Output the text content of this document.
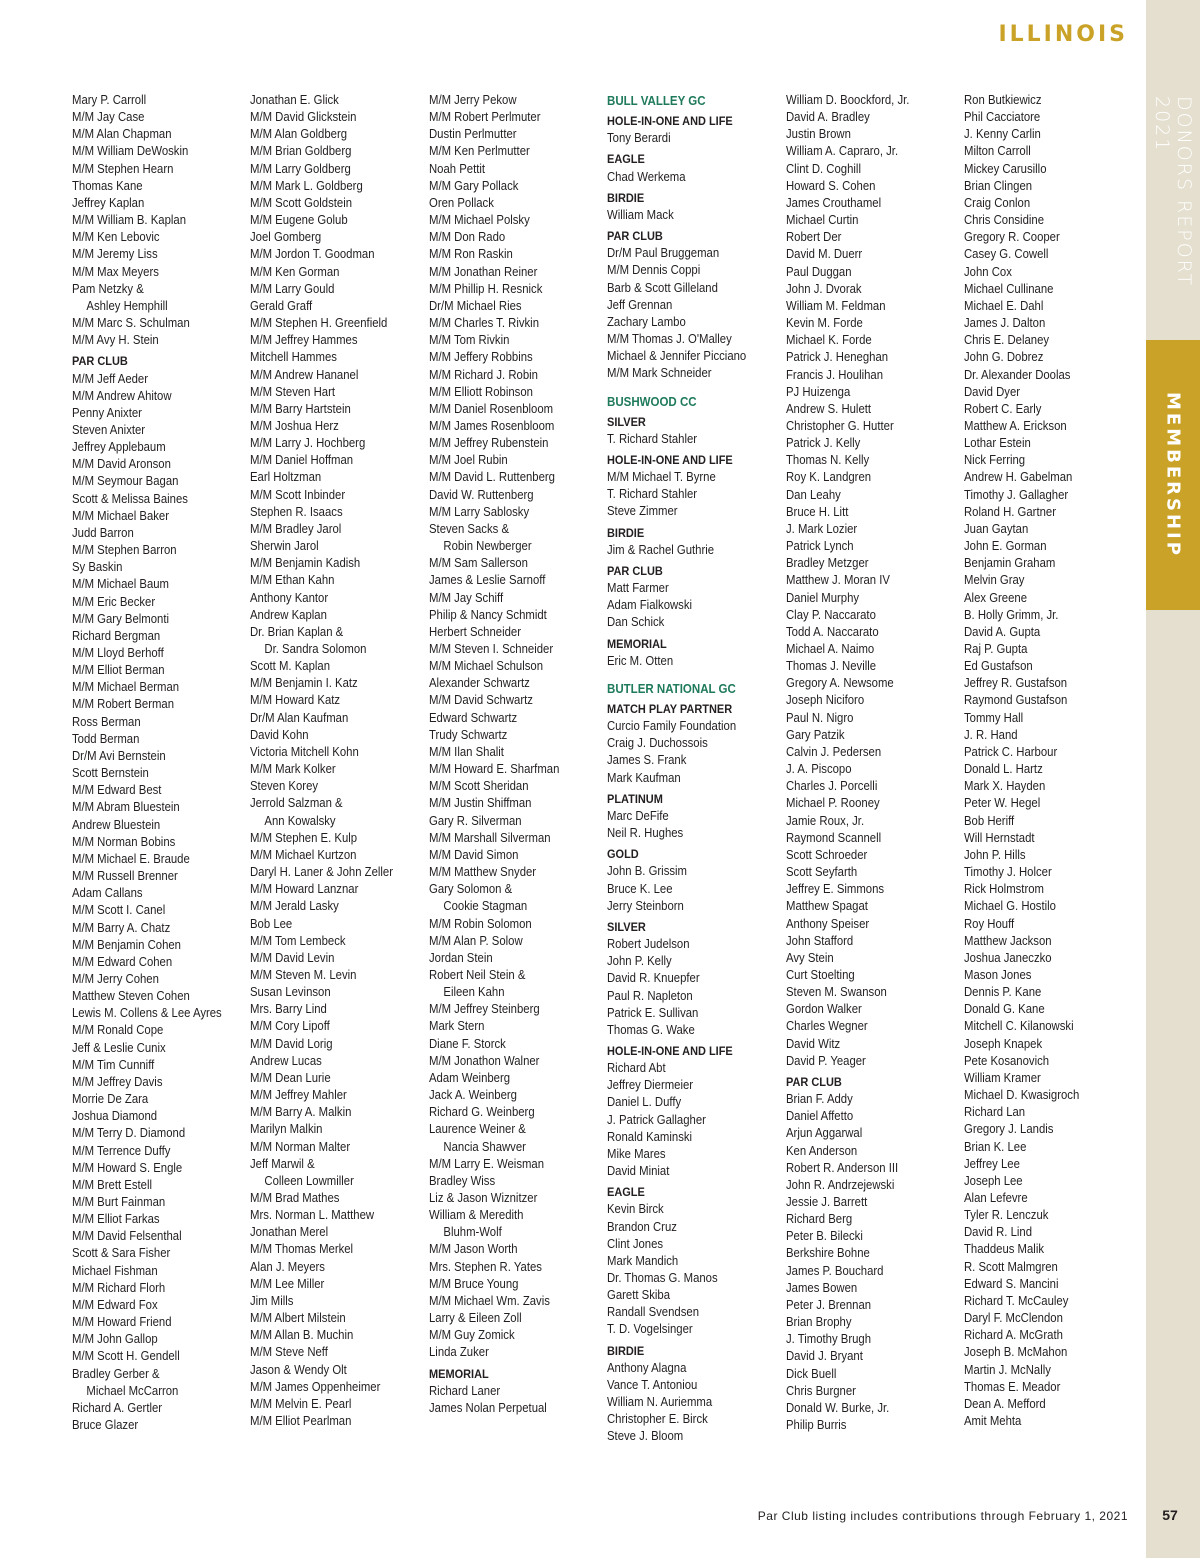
ILLINOIS
DONORS REPORT 2021
MEMBERSHIP
Mary P. Carroll
M/M Jay Case
M/M Alan Chapman
M/M William DeWoskin
M/M Stephen Hearn
Thomas Kane
Jeffrey Kaplan
M/M William B. Kaplan
M/M Ken Lebovic
M/M Jeremy Liss
M/M Max Meyers
Pam Netzky &
Ashley Hemphill
M/M Marc S. Schulman
M/M Avy H. Stein
PAR CLUB
M/M Jeff Aeder
M/M Andrew Ahitow
Penny Anixter
Steven Anixter
Jeffrey Applebaum
M/M David Aronson
M/M Seymour Bagan
Scott & Melissa Baines
M/M Michael Baker
Judd Barron
M/M Stephen Barron
Sy Baskin
M/M Michael Baum
M/M Eric Becker
M/M Gary Belmonti
Richard Bergman
M/M Lloyd Berhoff
M/M Elliot Berman
M/M Michael Berman
M/M Robert Berman
Ross Berman
Todd Berman
Dr/M Avi Bernstein
Scott Bernstein
M/M Edward Best
M/M Abram Bluestein
Andrew Bluestein
M/M Norman Bobins
M/M Michael E. Braude
M/M Russell Brenner
Adam Callans
M/M Scott I. Canel
M/M Barry A. Chatz
M/M Benjamin Cohen
M/M Edward Cohen
M/M Jerry Cohen
Matthew Steven Cohen
Lewis M. Collens & Lee Ayres
M/M Ronald Cope
Jeff & Leslie Cunix
M/M Tim Cunniff
M/M Jeffrey Davis
Morrie De Zara
Joshua Diamond
M/M Terry D. Diamond
M/M Terrence Duffy
M/M Howard S. Engle
M/M Brett Estell
M/M Burt Fainman
M/M Elliot Farkas
M/M David Felsenthal
Scott & Sara Fisher
Michael Fishman
M/M Richard Florh
M/M Edward Fox
M/M Howard Friend
M/M John Gallop
M/M Scott H. Gendell
Bradley Gerber &
Michael McCarron
Richard A. Gertler
Bruce Glazer
Jonathan E. Glick
M/M David Glickstein
M/M Alan Goldberg
M/M Brian Goldberg
M/M Larry Goldberg
M/M Mark L. Goldberg
M/M Scott Goldstein
M/M Eugene Golub
Joel Gomberg
M/M Jordon T. Goodman
M/M Ken Gorman
M/M Larry Gould
Gerald Graff
M/M Stephen H. Greenfield
M/M Jeffrey Hammes
Mitchell Hammes
M/M Andrew Hananel
M/M Steven Hart
M/M Barry Hartstein
M/M Joshua Herz
M/M Larry J. Hochberg
M/M Daniel Hoffman
Earl Holtzman
M/M Scott Inbinder
Stephen R. Isaacs
M/M Bradley Jarol
Sherwin Jarol
M/M Benjamin Kadish
M/M Ethan Kahn
Anthony Kantor
Andrew Kaplan
Dr. Brian Kaplan &
Dr. Sandra Solomon
Scott M. Kaplan
M/M Benjamin I. Katz
M/M Howard Katz
Dr/M Alan Kaufman
David Kohn
Victoria Mitchell Kohn
M/M Mark Kolker
Steven Korey
Jerrold Salzman &
Ann Kowalsky
M/M Stephen E. Kulp
M/M Michael Kurtzon
Daryl H. Laner & John Zeller
M/M Howard Lanznar
M/M Jerald Lasky
Bob Lee
M/M Tom Lembeck
M/M David Levin
M/M Steven M. Levin
Susan Levinson
Mrs. Barry Lind
M/M Cory Lipoff
M/M David Lorig
Andrew Lucas
M/M Dean Lurie
M/M Jeffrey Mahler
M/M Barry A. Malkin
Marilyn Malkin
M/M Norman Malter
Jeff Marwil &
Colleen Lowmiller
M/M Brad Mathes
Mrs. Norman L. Matthew
Jonathan Merel
M/M Thomas Merkel
Alan J. Meyers
M/M Lee Miller
Jim Mills
M/M Albert Milstein
M/M Allan B. Muchin
M/M Steve Neff
Jason & Wendy Olt
M/M James Oppenheimer
M/M Melvin E. Pearl
M/M Elliot Pearlman
M/M Jerry Pekow
M/M Robert Perlmuter
Dustin Perlmutter
M/M Ken Perlmutter
Noah Pettit
M/M Gary Pollack
Oren Pollack
M/M Michael Polsky
M/M Don Rado
M/M Ron Raskin
M/M Jonathan Reiner
M/M Phillip H. Resnick
Dr/M Michael Ries
M/M Charles T. Rivkin
M/M Tom Rivkin
M/M Jeffery Robbins
M/M Richard J. Robin
M/M Elliott Robinson
M/M Daniel Rosenbloom
M/M James Rosenbloom
M/M Jeffrey Rubenstein
M/M Joel Rubin
M/M David L. Ruttenberg
David W. Ruttenberg
M/M Larry Sablosky
Steven Sacks &
Robin Newberger
M/M Sam Sallerson
James & Leslie Sarnoff
M/M Jay Schiff
Philip & Nancy Schmidt
Herbert Schneider
M/M Steven I. Schneider
M/M Michael Schulson
Alexander Schwartz
M/M David Schwartz
Edward Schwartz
Trudy Schwartz
M/M Ilan Shalit
M/M Howard E. Sharfman
M/M Scott Sheridan
M/M Justin Shiffman
Gary R. Silverman
M/M Marshall Silverman
M/M David Simon
M/M Matthew Snyder
Gary Solomon &
Cookie Stagman
M/M Robin Solomon
M/M Alan P. Solow
Jordan Stein
Robert Neil Stein &
Eileen Kahn
M/M Jeffrey Steinberg
Mark Stern
Diane F. Storck
M/M Jonathon Walner
Adam Weinberg
Jack A. Weinberg
Richard G. Weinberg
Laurence Weiner &
Nancia Shawver
M/M Larry E. Weisman
Bradley Wiss
Liz & Jason Wiznitzer
William & Meredith
Bluhm-Wolf
M/M Jason Worth
Mrs. Stephen R. Yates
M/M Bruce Young
M/M Michael Wm. Zavis
Larry & Eileen Zoll
M/M Guy Zomick
Linda Zuker
MEMORIAL
Richard Laner
James Nolan Perpetual
BULL VALLEY GC
HOLE-IN-ONE AND LIFE
Tony Berardi
EAGLE
Chad Werkema
BIRDIE
William Mack
PAR CLUB
Dr/M Paul Bruggeman
M/M Dennis Coppi
Barb & Scott Gilleland
Jeff Grennan
Zachary Lambo
M/M Thomas J. O'Malley
Michael & Jennifer Picciano
M/M Mark Schneider
BUSHWOOD CC
SILVER
T. Richard Stahler
HOLE-IN-ONE AND LIFE
M/M Michael T. Byrne
T. Richard Stahler
Steve Zimmer
BIRDIE
Jim & Rachel Guthrie
PAR CLUB
Matt Farmer
Adam Fialkowski
Dan Schick
MEMORIAL
Eric M. Otten
BUTLER NATIONAL GC
MATCH PLAY PARTNER
Curcio Family Foundation
Craig J. Duchossois
James S. Frank
Mark Kaufman
PLATINUM
Marc DeFife
Neil R. Hughes
GOLD
John B. Grissim
Bruce K. Lee
Jerry Steinborn
SILVER
Robert Judelson
John P. Kelly
David R. Knuepfer
Paul R. Napleton
Patrick E. Sullivan
Thomas G. Wake
HOLE-IN-ONE AND LIFE
Richard Abt
Jeffrey Diermeier
Daniel L. Duffy
J. Patrick Gallagher
Ronald Kaminski
Mike Mares
David Miniat
EAGLE
Kevin Birck
Brandon Cruz
Clint Jones
Mark Mandich
Dr. Thomas G. Manos
Garett Skiba
Randall Svendsen
T. D. Vogelsinger
BIRDIE
Anthony Alagna
Vance T. Antoniou
William N. Auriemma
Christopher E. Birck
Steve J. Bloom
William D. Boockford, Jr.
David A. Bradley
Justin Brown
William A. Capraro, Jr.
Clint D. Coghill
Howard S. Cohen
James Crouthamel
Michael Curtin
Robert Der
David M. Duerr
Paul Duggan
John J. Dvorak
William M. Feldman
Kevin M. Forde
Michael K. Forde
Patrick J. Heneghan
Francis J. Houlihan
PJ Huizenga
Andrew S. Hulett
Christopher G. Hutter
Patrick J. Kelly
Thomas N. Kelly
Roy K. Landgren
Dan Leahy
Bruce H. Litt
J. Mark Lozier
Patrick Lynch
Bradley Metzger
Matthew J. Moran IV
Daniel Murphy
Clay P. Naccarato
Todd A. Naccarato
Michael A. Naimo
Thomas J. Neville
Gregory A. Newsome
Joseph Niciforo
Paul N. Nigro
Gary Patzik
Calvin J. Pedersen
J. A. Piscopo
Charles J. Porcelli
Michael P. Rooney
Jamie Roux, Jr.
Raymond Scannell
Scott Schroeder
Scott Seyfarth
Jeffrey E. Simmons
Matthew Spagat
Anthony Speiser
John Stafford
Avy Stein
Curt Stoelting
Steven M. Swanson
Gordon Walker
Charles Wegner
David Witz
David P. Yeager
PAR CLUB
Brian F. Addy
Daniel Affetto
Arjun Aggarwal
Ken Anderson
Robert R. Anderson III
John R. Andrzejewski
Jessie J. Barrett
Richard Berg
Peter B. Bilecki
Berkshire Bohne
James P. Bouchard
James Bowen
Peter J. Brennan
Brian Brophy
J. Timothy Brugh
David J. Bryant
Dick Buell
Chris Burgner
Donald W. Burke, Jr.
Philip Burris
Ron Butkiewicz
Phil Cacciatore
J. Kenny Carlin
Milton Carroll
Mickey Carusillo
Brian Clingen
Craig Conlon
Chris Considine
Gregory R. Cooper
Casey G. Cowell
John Cox
Michael Cullinane
Michael E. Dahl
James J. Dalton
Chris E. Delaney
John G. Dobrez
Dr. Alexander Doolas
David Dyer
Robert C. Early
Matthew A. Erickson
Lothar Estein
Nick Ferring
Andrew H. Gabelman
Timothy J. Gallagher
Roland H. Gartner
Juan Gaytan
John E. Gorman
Benjamin Graham
Melvin Gray
Alex Greene
B. Holly Grimm, Jr.
David A. Gupta
Raj P. Gupta
Ed Gustafson
Jeffrey R. Gustafson
Raymond Gustafson
Tommy Hall
J. R. Hand
Patrick C. Harbour
Donald L. Hartz
Mark X. Hayden
Peter W. Hegel
Bob Heriff
Will Hernstadt
John P. Hills
Timothy J. Holcer
Rick Holmstrom
Michael G. Hostilo
Roy Houff
Matthew Jackson
Joshua Janeczko
Mason Jones
Dennis P. Kane
Donald G. Kane
Mitchell C. Kilanowski
Joseph Knapek
Pete Kosanovich
William Kramer
Michael D. Kwasigroch
Richard Lan
Gregory J. Landis
Brian K. Lee
Jeffrey Lee
Joseph Lee
Alan Lefevre
Tyler R. Lenczuk
David R. Lind
Thaddeus Malik
R. Scott Malmgren
Edward S. Mancini
Richard T. McCauley
Daryl F. McClendon
Richard A. McGrath
Joseph B. McMahon
Martin J. McNally
Thomas E. Meador
Dean A. Mefford
Amit Mehta
Par Club listing includes contributions through February 1, 2021	57
